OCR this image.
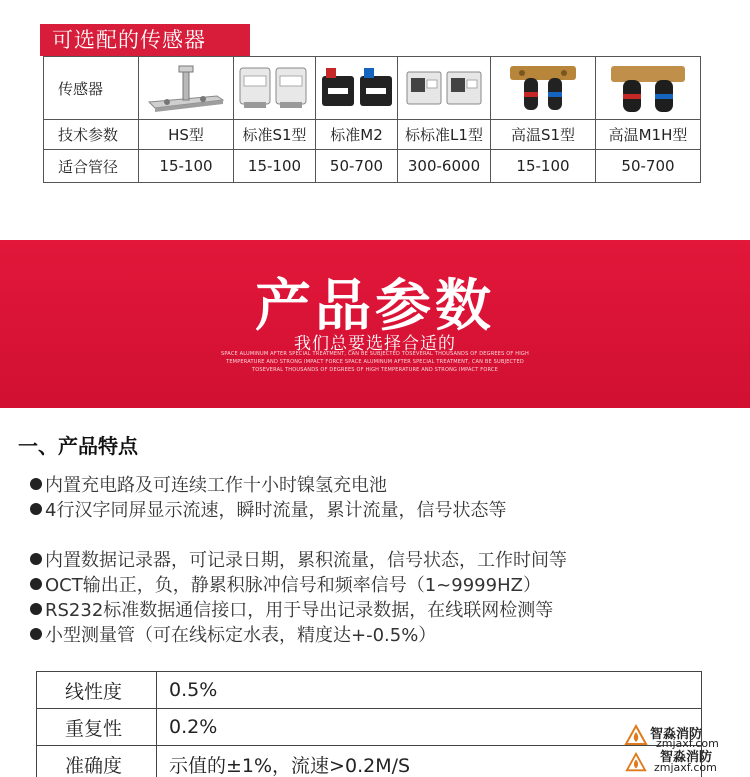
可选配的传感器
传感器	

技术参数	HS型	标准S1型	标准M2	标标准L1型	高温S1型	高温M1H型
适合管径	15-100	15-100	50-700	300-6000	15-100	50-700
产品参数
我们总要选择合适的
SPACE ALUMINUM AFTER SPECIAL TREATMENT, CAN BE SUBJECTED TOSEVERAL THOUSANDS OF DEGREES OF HIGH
TEMPERATURE AND STRONG IMPACT FORCE SPACE ALUMINUM AFTER SPECIAL TREATMENT, CAN BE SUBJECTED
TOSEVERAL THOUSANDS OF DEGREES OF HIGH TEMPERATURE AND STRONG IMPACT FORCE
一、产品特点
内置充电路及可连续工作十小时镍氢充电池
4行汉字同屏显示流速，瞬时流量，累计流量，信号状态等
内置数据记录器，可记录日期，累积流量，信号状态，工作时间等
OCT输出正，负，静累积脉冲信号和频率信号（1~9999HZ）
RS232标准数据通信接口，用于导出记录数据，在线联网检测等
小型测量管（可在线标定水表，精度达+-0.5%）
线性度	0.5%
重复性	0.2%
准确度	示值的±1%，流速>0.2M/S
智淼消防
zmjaxf.com
智淼消防
zmjaxf.com
